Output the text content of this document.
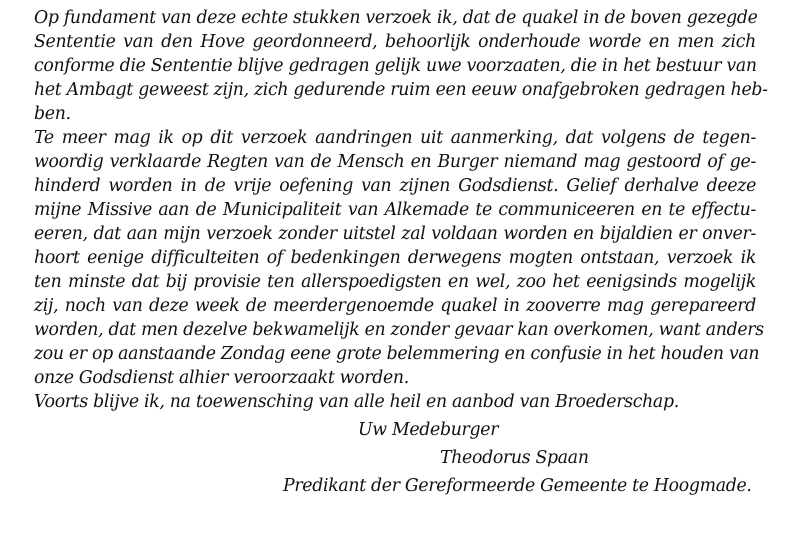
Op fundament van deze echte stukken verzoek ik, dat de quakel in de boven gezegde
Sententie van den Hove geordonneerd, behoorlijk onderhoude worde en men zich
conforme die Sententie blijve gedragen gelijk uwe voorzaaten, die in het bestuur van
het Ambagt geweest zijn, zich gedurende ruim een eeuw onafgebroken gedragen heb-
ben.
Te meer mag ik op dit verzoek aandringen uit aanmerking, dat volgens de tegen-
woordig verklaarde Regten van de Mensch en Burger niemand mag gestoord of ge-
hinderd worden in de vrije oefening van zijnen Godsdienst. Gelief derhalve deeze
mijne Missive aan de Municipaliteit van Alkemade te communiceeren en te effectu-
eeren, dat aan mijn verzoek zonder uitstel zal voldaan worden en bijaldien er onver-
hoort eenige difficulteiten of bedenkingen derwegens mogten ontstaan, verzoek ik
ten minste dat bij provisie ten allerspoedigsten en wel, zoo het eenigsinds mogelijk
zij, noch van deze week de meerdergenoemde quakel in zooverre mag gerepareerd
worden, dat men dezelve bekwamelijk en zonder gevaar kan overkomen, want anders
zou er op aanstaande Zondag eene grote belemmering en confusie in het houden van
onze Godsdienst alhier veroorzaakt worden.
Voorts blijve ik, na toewensching van alle heil en aanbod van Broederschap.
Uw Medeburger
Theodorus Spaan
Predikant der Gereformeerde Gemeente te Hoogmade.
